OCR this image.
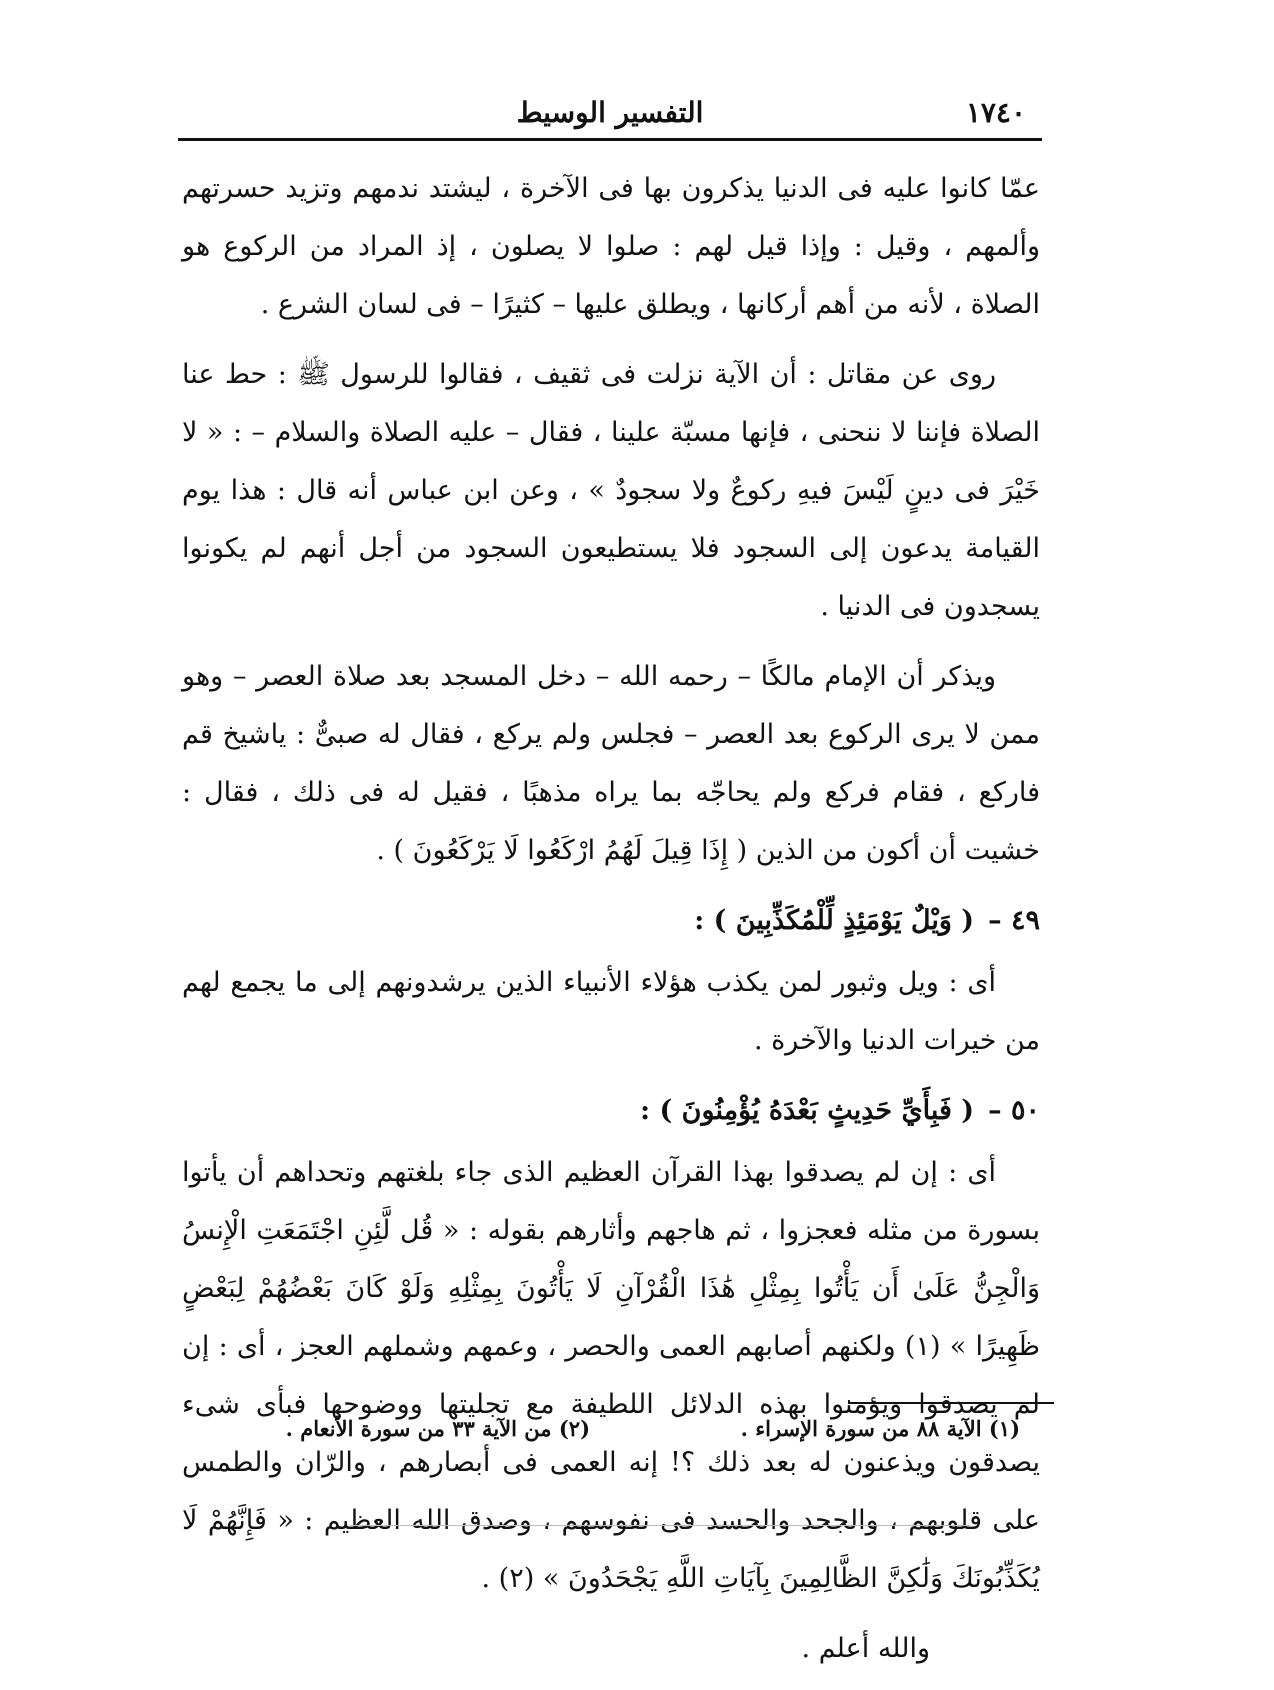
التفسير الوسيط	١٧٤٠

عمّا كانوا عليه فى الدنيا يذكرون بها فى الآخرة ، ليشتد ندمهم وتزيد حسرتهم وألمهم ، وقيل : وإذا قيل لهم : صلوا لا يصلون ، إذ المراد من الركوع هو الصلاة ، لأنه من أهم أركانها ، ويطلق عليها – كثيرًا – فى لسان الشرع .

روى عن مقاتل : أن الآية نزلت فى ثقيف ، فقالوا للرسول ﷺ : حط عنا الصلاة فإننا لا ننحنى ، فإنها مسبّة علينا ، فقال – عليه الصلاة والسلام – : « لا خَيْرَ فى دينٍ لَيْسَ فيهِ ركوعٌ ولا سجودٌ » ، وعن ابن عباس أنه قال : هذا يوم القيامة يدعون إلى السجود فلا يستطيعون السجود من أجل أنهم لم يكونوا يسجدون فى الدنيا .

ويذكر أن الإمام مالكًا – رحمه الله – دخل المسجد بعد صلاة العصر – وهو ممن لا يرى الركوع بعد العصر – فجلس ولم يركع ، فقال له صبىٌّ : ياشيخ قم فاركع ، فقام فركع ولم يحاجّه بما يراه مذهبًا ، فقيل له فى ذلك ، فقال : خشيت أن أكون من الذين ( إِذَا قِيلَ لَهُمُ ارْكَعُوا لَا يَرْكَعُونَ ) .

٤٩ –( وَيْلٌ يَوْمَئِذٍ لِّلْمُكَذِّبِينَ ) :

أى : ويل وثبور لمن يكذب هؤلاء الأنبياء الذين يرشدونهم إلى ما يجمع لهم من خيرات الدنيا والآخرة .

٥٠ –( فَبِأَيِّ حَدِيثٍ بَعْدَهُ يُؤْمِنُونَ ) :

أى : إن لم يصدقوا بهذا القرآن العظيم الذى جاء بلغتهم وتحداهم أن يأتوا بسورة من مثله فعجزوا ، ثم هاجهم وأثارهم بقوله : « قُل لَّئِنِ اجْتَمَعَتِ الْإِنسُ وَالْجِنُّ عَلَىٰ أَن يَأْتُوا بِمِثْلِ هَٰذَا الْقُرْآنِ لَا يَأْتُونَ بِمِثْلِهِ وَلَوْ كَانَ بَعْضُهُمْ لِبَعْضٍ ظَهِيرًا » (١) ولكنهم أصابهم العمى والحصر ، وعمهم وشملهم العجز ، أى : إن لم يصدقوا ويؤمنوا بهذه الدلائل اللطيفة مع تجليتها ووضوحها فبأى شىء يصدقون ويذعنون له بعد ذلك ؟! إنه العمى فى أبصارهم ، والرّان والطمس على قلوبهم ، والجحد والحسد فى نفوسهم ، وصدق الله العظيم : « فَإِنَّهُمْ لَا يُكَذِّبُونَكَ وَلَٰكِنَّ الظَّالِمِينَ بِآيَاتِ اللَّهِ يَجْحَدُونَ » (٢) .

والله أعلم .

(١) الآية ٨٨ من سورة الإسراء .
(٢) من الآية ٣٣ من سورة الأنعام .
